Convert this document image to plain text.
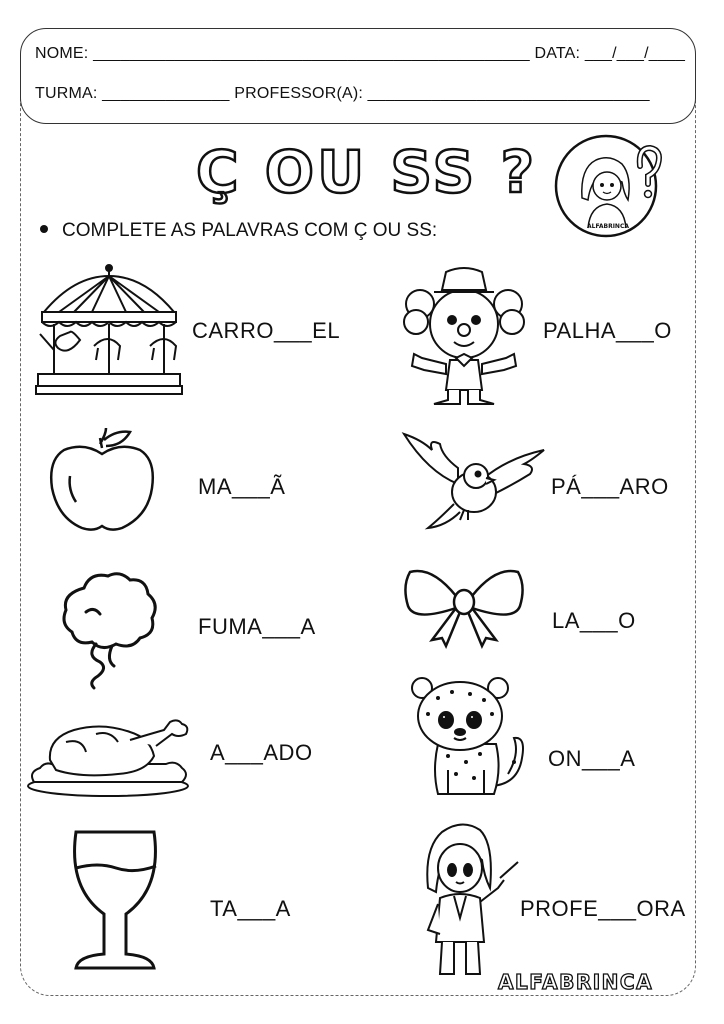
NOME: ________________________________________________ DATA: ___/___/____
TURMA: ______________ PROFESSOR(A): _______________________________
Ç OU SS ?
ALFABRINCA
COMPLETE AS PALAVRAS COM Ç OU SS:
CARRO___EL	PALHA___O
MA___Ã	PÁ___ARO
FUMA___A	LA___O
A___ADO	ON___A
TA___A	PROFE___ORA
ALFABRINCA
